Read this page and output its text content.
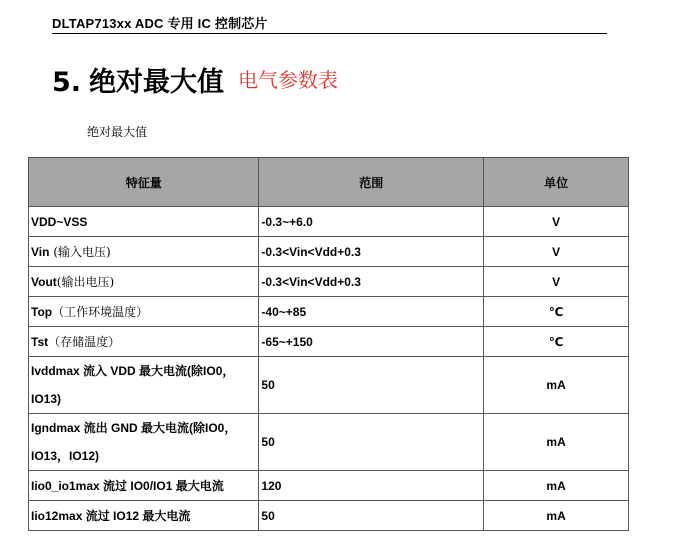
DLTAP713xx ADC 专用 IC 控制芯片
5. 绝对最大值 电气参数表
绝对最大值
特征量	范围	单位
VDD~VSS	-0.3~+6.0	V
Vin (输入电压)	-0.3<Vin<Vdd+0.3	V
Vout(输出电压)	-0.3<Vin<Vdd+0.3	V
Top（工作环境温度）	-40~+85	℃
Tst（存储温度）	-65~+150	℃
Ivddmax 流入 VDD 最大电流(除IO0，IO13)	50	mA
Igndmax 流出 GND 最大电流(除IO0，IO13，IO12)	50	mA
Iio0_io1max 流过 IO0/IO1 最大电流	120	mA
Iio12max 流过 IO12 最大电流	50	mA
